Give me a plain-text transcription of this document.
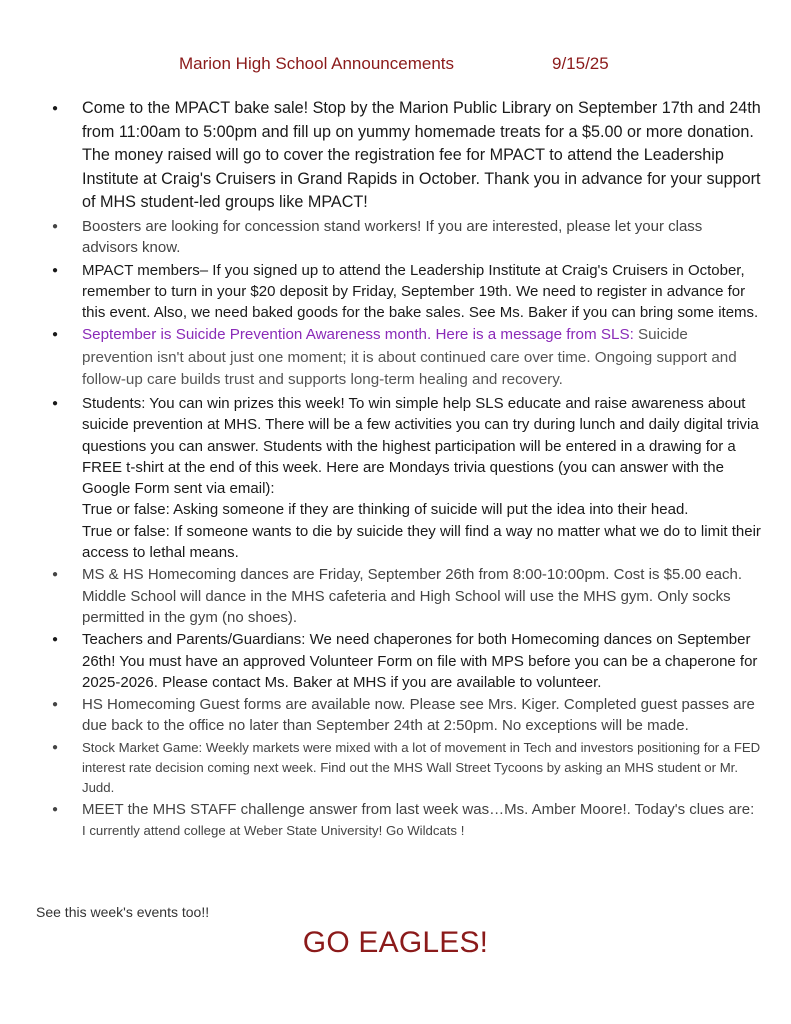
Marion High School Announcements	9/15/25
● Come to the MPACT bake sale! Stop by the Marion Public Library on September 17th and 24th from 11:00am to 5:00pm and fill up on yummy homemade treats for a $5.00 or more donation. The money raised will go to cover the registration fee for MPACT to attend the Leadership Institute at Craig's Cruisers in Grand Rapids in October. Thank you in advance for your support of MHS student-led groups like MPACT!
● Boosters are looking for concession stand workers! If you are interested, please let your class advisors know.
● MPACT members– If you signed up to attend the Leadership Institute at Craig's Cruisers in October, remember to turn in your $20 deposit by Friday, September 19th. We need to register in advance for this event. Also, we need baked goods for the bake sales. See Ms. Baker if you can bring some items.
● September is Suicide Prevention Awareness month. Here is a message from SLS: Suicide prevention isn't about just one moment; it is about continued care over time. Ongoing support and follow-up care builds trust and supports long-term healing and recovery.
● Students: You can win prizes this week! To win simple help SLS educate and raise awareness about suicide prevention at MHS. There will be a few activities you can try during lunch and daily digital trivia questions you can answer. Students with the highest participation will be entered in a drawing for a FREE t-shirt at the end of this week. Here are Mondays trivia questions (you can answer with the Google Form sent via email):
True or false: Asking someone if they are thinking of suicide will put the idea into their head.
True or false: If someone wants to die by suicide they will find a way no matter what we do to limit their access to lethal means.
● MS & HS Homecoming dances are Friday, September 26th from 8:00-10:00pm. Cost is $5.00 each. Middle School will dance in the MHS cafeteria and High School will use the MHS gym. Only socks permitted in the gym (no shoes).
● Teachers and Parents/Guardians: We need chaperones for both Homecoming dances on September 26th! You must have an approved Volunteer Form on file with MPS before you can be a chaperone for 2025-2026. Please contact Ms. Baker at MHS if you are available to volunteer.
● HS Homecoming Guest forms are available now. Please see Mrs. Kiger. Completed guest passes are due back to the office no later than September 24th at 2:50pm. No exceptions will be made.
● Stock Market Game: Weekly markets were mixed with a lot of movement in Tech and investors positioning for a FED interest rate decision coming next week. Find out the MHS Wall Street Tycoons by asking an MHS student or Mr. Judd.
● MEET the MHS STAFF challenge answer from last week was…Ms. Amber Moore!. Today's clues are: I currently attend college at Weber State University! Go Wildcats !
See this week's events too!!
GO EAGLES!
